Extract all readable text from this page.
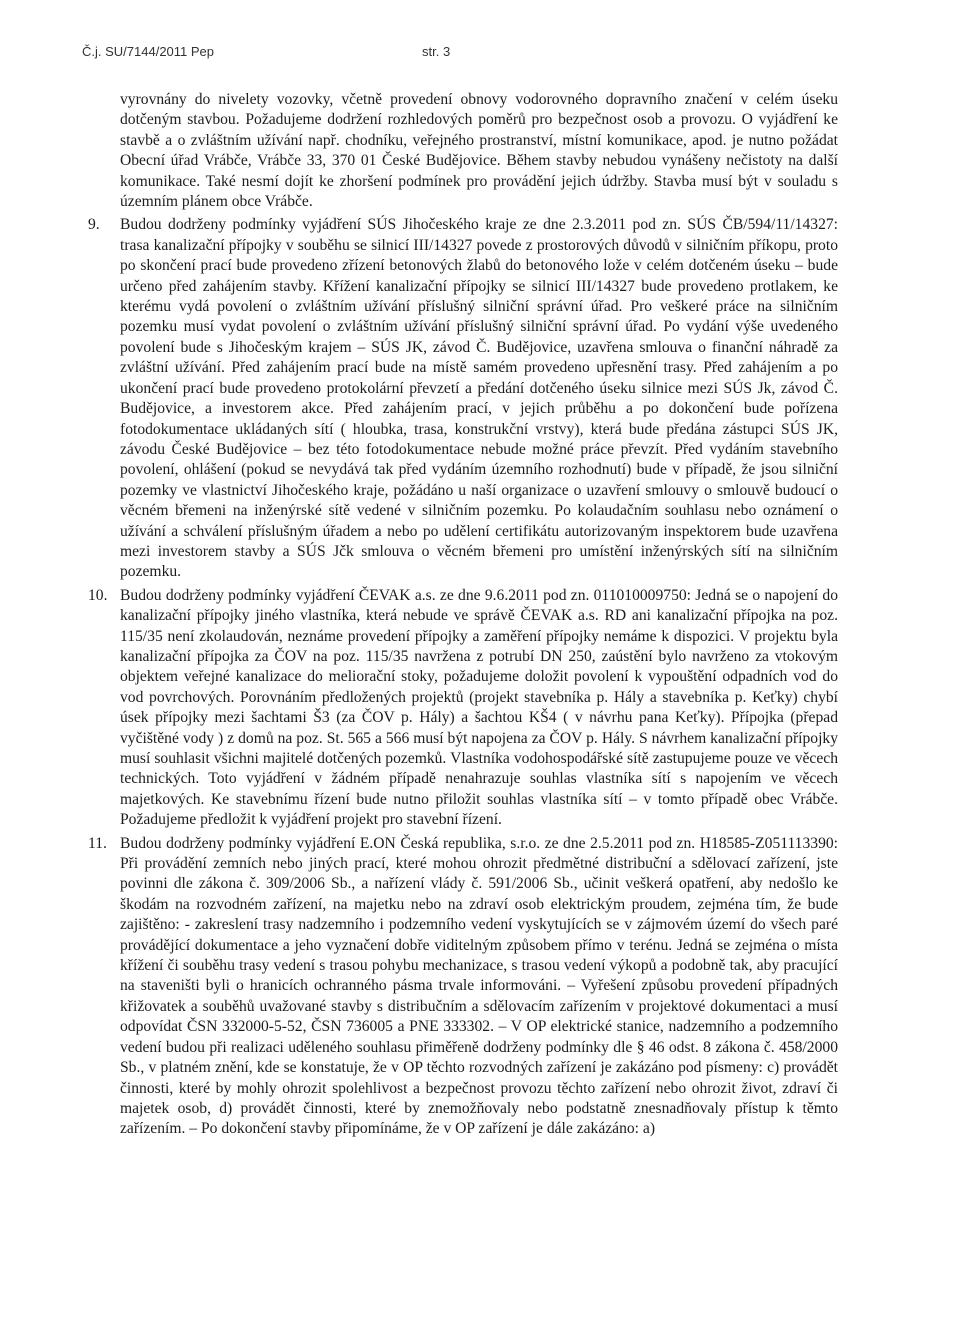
Č.j. SU/7144/2011 Pep	str. 3

vyrovnány do nivelety vozovky, včetně provedení obnovy vodorovného dopravního značení v celém úseku dotčeným stavbou. Požadujeme dodržení rozhledových poměrů pro bezpečnost osob a provozu. O vyjádření ke stavbě a o zvláštním užívání např. chodníku, veřejného prostranství, místní komunikace, apod. je nutno požádat Obecní úřad Vrábče, Vrábče 33, 370 01 České Budějovice. Během stavby nebudou vynášeny nečistoty na další komunikace. Také nesmí dojít ke zhoršení podmínek pro provádění jejich údržby. Stavba musí být v souladu s územním plánem obce Vrábče.

9. Budou dodrženy podmínky vyjádření SÚS Jihočeského kraje ze dne 2.3.2011 pod zn. SÚS ČB/594/11/14327: trasa kanalizační přípojky v souběhu se silnicí III/14327 povede z prostorových důvodů v silničním příkopu, proto po skončení prací bude provedeno zřízení betonových žlabů do betonového lože v celém dotčeném úseku – bude určeno před zahájením stavby. Křížení kanalizační přípojky se silnicí III/14327 bude provedeno protlakem, ke kterému vydá povolení o zvláštním užívání příslušný silniční správní úřad. Pro veškeré práce na silničním pozemku musí vydat povolení o zvláštním užívání příslušný silniční správní úřad. Po vydání výše uvedeného povolení bude s Jihočeským krajem – SÚS JK, závod Č. Budějovice, uzavřena smlouva o finanční náhradě za zvláštní užívání. Před zahájením prací bude na místě samém provedeno upřesnění trasy. Před zahájením a po ukončení prací bude provedeno protokolární převzetí a předání dotčeného úseku silnice mezi SÚS Jk, závod Č. Budějovice, a investorem akce. Před zahájením prací, v jejich průběhu a po dokončení bude pořízena fotodokumentace ukládaných sítí ( hloubka, trasa, konstrukční vrstvy), která bude předána zástupci SÚS JK, závodu České Budějovice – bez této fotodokumentace nebude možné práce převzít. Před vydáním stavebního povolení, ohlášení (pokud se nevydává tak před vydáním územního rozhodnutí) bude v případě, že jsou silniční pozemky ve vlastnictví Jihočeského kraje, požádáno u naší organizace o uzavření smlouvy o smlouvě budoucí o věcném břemeni na inženýrské sítě vedené v silničním pozemku. Po kolaudačním souhlasu nebo oznámení o užívání a schválení příslušným úřadem a nebo po udělení certifikátu autorizovaným inspektorem bude uzavřena mezi investorem stavby a SÚS Jčk smlouva o věcném břemeni pro umístění inženýrských sítí na silničním pozemku.

10. Budou dodrženy podmínky vyjádření ČEVAK a.s. ze dne 9.6.2011 pod zn. 011010009750: Jedná se o napojení do kanalizační přípojky jiného vlastníka, která nebude ve správě ČEVAK a.s. RD ani kanalizační přípojka na poz. 115/35 není zkolaudován, neznáme provedení přípojky a zaměření přípojky nemáme k dispozici. V projektu byla kanalizační přípojka za ČOV na poz. 115/35 navržena z potrubí DN 250, zaústění bylo navrženo za vtokovým objektem veřejné kanalizace do meliorační stoky, požadujeme doložit povolení k vypouštění odpadních vod do vod povrchových. Porovnáním předložených projektů (projekt stavebníka p. Hály a stavebníka p. Keťky) chybí úsek přípojky mezi šachtami Š3 (za ČOV p. Hály) a šachtou KŠ4 ( v návrhu pana Keťky). Přípojka (přepad vyčištěné vody ) z domů na poz. St. 565 a 566 musí být napojena za ČOV p. Hály. S návrhem kanalizační přípojky musí souhlasit všichni majitelé dotčených pozemků. Vlastníka vodohospodářské sítě zastupujeme pouze ve věcech technických. Toto vyjádření v žádném případě nenahrazuje souhlas vlastníka sítí s napojením ve věcech majetkových. Ke stavebnímu řízení bude nutno přiložit souhlas vlastníka sítí – v tomto případě obec Vrábče. Požadujeme předložit k vyjádření projekt pro stavební řízení.

11. Budou dodrženy podmínky vyjádření E.ON Česká republika, s.r.o. ze dne 2.5.2011 pod zn. H18585-Z051113390: Při provádění zemních nebo jiných prací, které mohou ohrozit předmětné distribuční a sdělovací zařízení, jste povinni dle zákona č. 309/2006 Sb., a nařízení vlády č. 591/2006 Sb., učinit veškerá opatření, aby nedošlo ke škodám na rozvodném zařízení, na majetku nebo na zdraví osob elektrickým proudem, zejména tím, že bude zajištěno: - zakreslení trasy nadzemního i podzemního vedení vyskytujících se v zájmovém území do všech paré provádějící dokumentace a jeho vyznačení dobře viditelným způsobem přímo v terénu. Jedná se zejména o místa křížení či souběhu trasy vedení s trasou pohybu mechanizace, s trasou vedení výkopů a podobně tak, aby pracující na staveništi byli o hranicích ochranného pásma trvale informováni. – Vyřešení způsobu provedení případných křižovatek a souběhů uvažované stavby s distribučním a sdělovacím zařízením v projektové dokumentaci a musí odpovídat ČSN 332000-5-52, ČSN 736005 a PNE 333302. – V OP elektrické stanice, nadzemního a podzemního vedení budou při realizaci uděleného souhlasu přiměřeně dodrženy podmínky dle § 46 odst. 8 zákona č. 458/2000 Sb., v platném znění, kde se konstatuje, že v OP těchto rozvodných zařízení je zakázáno pod písmeny: c) provádět činnosti, které by mohly ohrozit spolehlivost a bezpečnost provozu těchto zařízení nebo ohrozit život, zdraví či majetek osob, d) provádět činnosti, které by znemožňovaly nebo podstatně znesnadňovaly přístup k těmto zařízením. – Po dokončení stavby připomínáme, že v OP zařízení je dále zakázáno: a)
